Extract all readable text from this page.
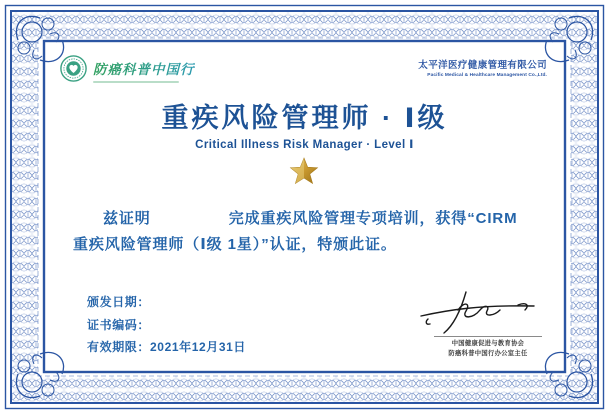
防癌科普中国行	太平洋医疗健康管理有限公司
Pacific Medical & Healthcare Management Co.,Ltd.
重疾风险管理师 · Ⅰ级
Critical Illness Risk Manager · Level Ⅰ
兹证明	完成重疾风险管理专项培训，获得“CIRM
重疾风险管理师（Ⅰ级 1星）”认证，特颁此证。
颁发日期：
证书编码：
有效期限：2021年12月31日	中国健康促进与教育协会
防癌科普中国行办公室主任
